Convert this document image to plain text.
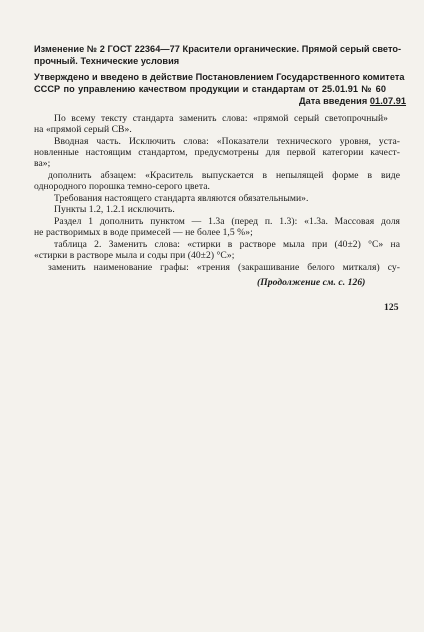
Изменение № 2 ГОСТ 22364—77 Красители органические. Прямой серый свето-

прочный. Технические условия

Утверждено и введено в действие Постановлением Государственного комитета

СССР по управлению качеством продукции и стандартам от 25.01.91 № 60

Дата введения 01.07.91

По всему тексту стандарта заменить слова: «прямой серый светопрочный»

на «прямой серый СВ».

Вводная часть. Исключить слова: «Показатели технического уровня, уста-

новленные настоящим стандартом, предусмотрены для первой категории качест-

ва»;

дополнить абзацем: «Краситель выпускается в непылящей форме в виде

однородного порошка темно-серого цвета.

Требования настоящего стандарта являются обязательными».

Пункты 1.2, 1.2.1 исключить.

Раздел 1 дополнить пунктом — 1.3а (перед п. 1.3): «1.3а. Массовая доля

не растворимых в воде примесей — не более 1,5 %»;

таблица 2. Заменить слова: «стирки в растворе мыла при (40±2) °С» на

«стирки в растворе мыла и соды при (40±2) °С»;

заменить наименование графы: «трения (закрашивание белого миткаля) су-

(Продолжение см. с. 126)

125
